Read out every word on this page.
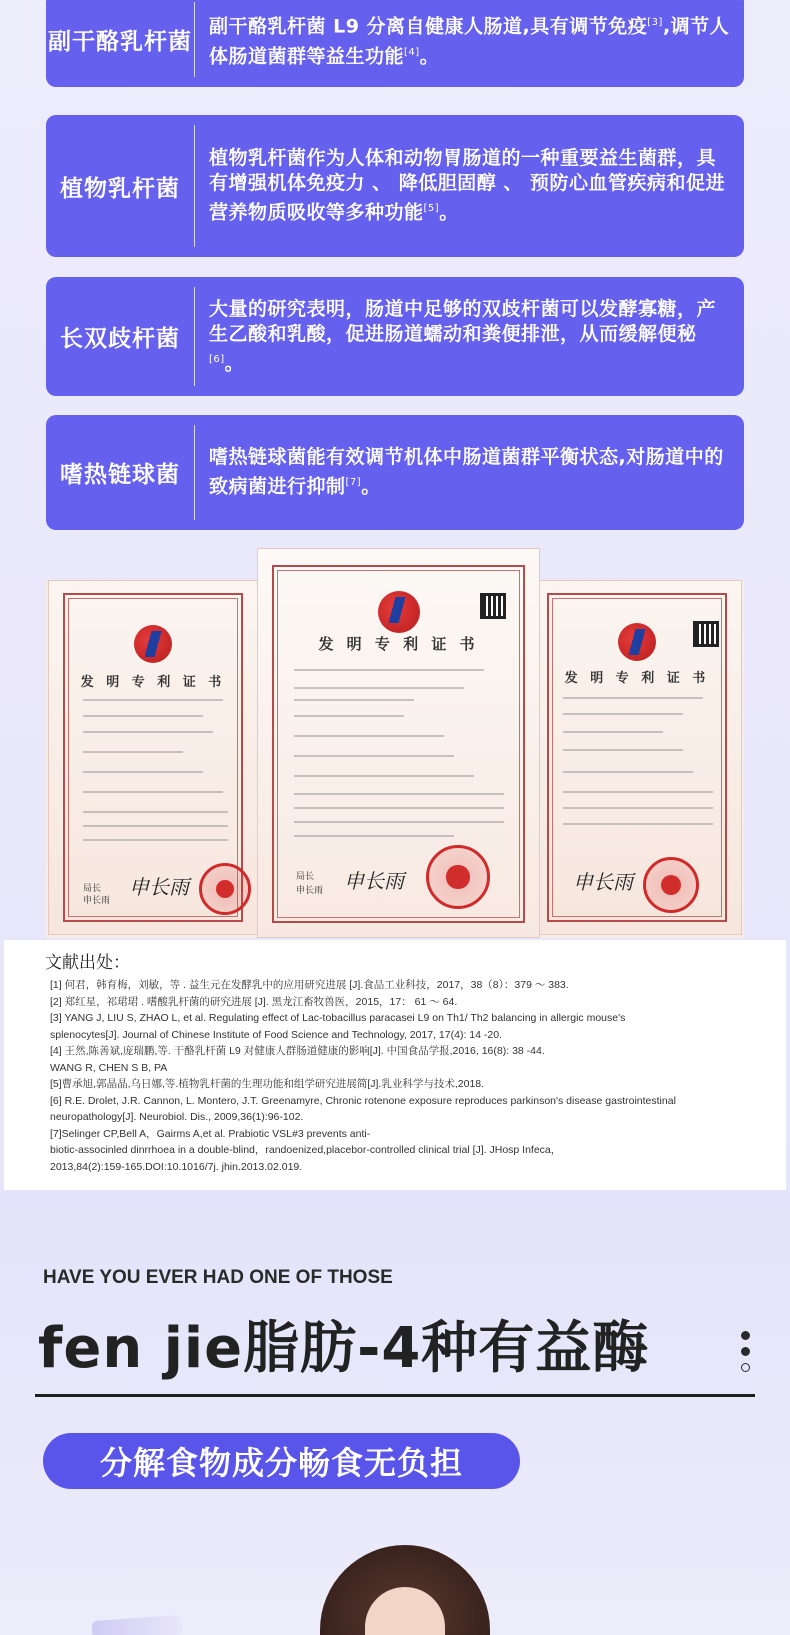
副干酪乳杆菌
副干酪乳杆菌 L9 分离自健康人肠道,具有调节免疫[3],调节人体肠道菌群等益生功能[4]。
植物乳杆菌
植物乳杆菌作为人体和动物胃肠道的一种重要益生菌群，具有增强机体免疫力 、 降低胆固醇 、 预防心血管疾病和促进营养物质吸收等多种功能[5]。
长双歧杆菌
大量的研究表明，肠道中足够的双歧杆菌可以发酵寡糖，产生乙酸和乳酸，促进肠道蠕动和粪便排泄，从而缓解便秘[6]。
嗜热链球菌
嗜热链球菌能有效调节机体中肠道菌群平衡状态,对肠道中的致病菌进行抑制[7]。
发 明 专 利 证 书
局长
申长雨
申长雨
发 明 专 利 证 书
申长雨
发 明 专 利 证 书
局长
申长雨 申长雨
文献出处：
[1] 何君，韩育梅，刘敏，等 . 益生元在发酵乳中的应用研究进展 [J].食品工业科技，2017，38（8）：379 ～ 383.
[2] 郑红星，祁珺珺 . 嗜酸乳杆菌的研究进展 [J]. 黑龙江畜牧兽医，2015，17： 61 ～ 64.
[3] YANG J, LIU S, ZHAO L, et al. Regulating effect of Lac-tobacillus paracasei L9 on Th1/ Th2 balancing in allergic mouse's
splenocytes[J]. Journal of Chinese Institute of Food Science and Technology, 2017, 17(4): 14 -20.
[4] 王然,陈善斌,庞瑞鹏,等. 干酪乳杆菌 L9 对健康人群肠道健康的影响[J]. 中国食品学报,2016, 16(8): 38 -44.
WANG R, CHEN S B, PA
[5]曹承旭,郭晶晶,乌日娜,等.植物乳杆菌的生理功能和组学研究进展简[J].乳业科学与技术,2018.
[6] R.E. Drolet, J.R. Cannon, L. Montero, J.T. Greenamyre, Chronic rotenone exposure reproduces parkinson's disease gastrointestinal
neuropathology[J]. Neurobiol. Dis., 2009,36(1):96-102.
[7]Selinger CP,Bell A，Gairms A,et al. Prabiotic VSL#3 prevents anti-
biotic-associnled dinrrhoea in a double-blind，randoenized,placebor-controlled clinical trial [J]. JHosp Infeca，
2013,84(2):159-165.DOI:10.1016/7j. jhin.2013.02.019.
HAVE YOU EVER HAD ONE OF THOSE
fen jie脂肪-4种有益酶
分解食物成分畅食无负担
